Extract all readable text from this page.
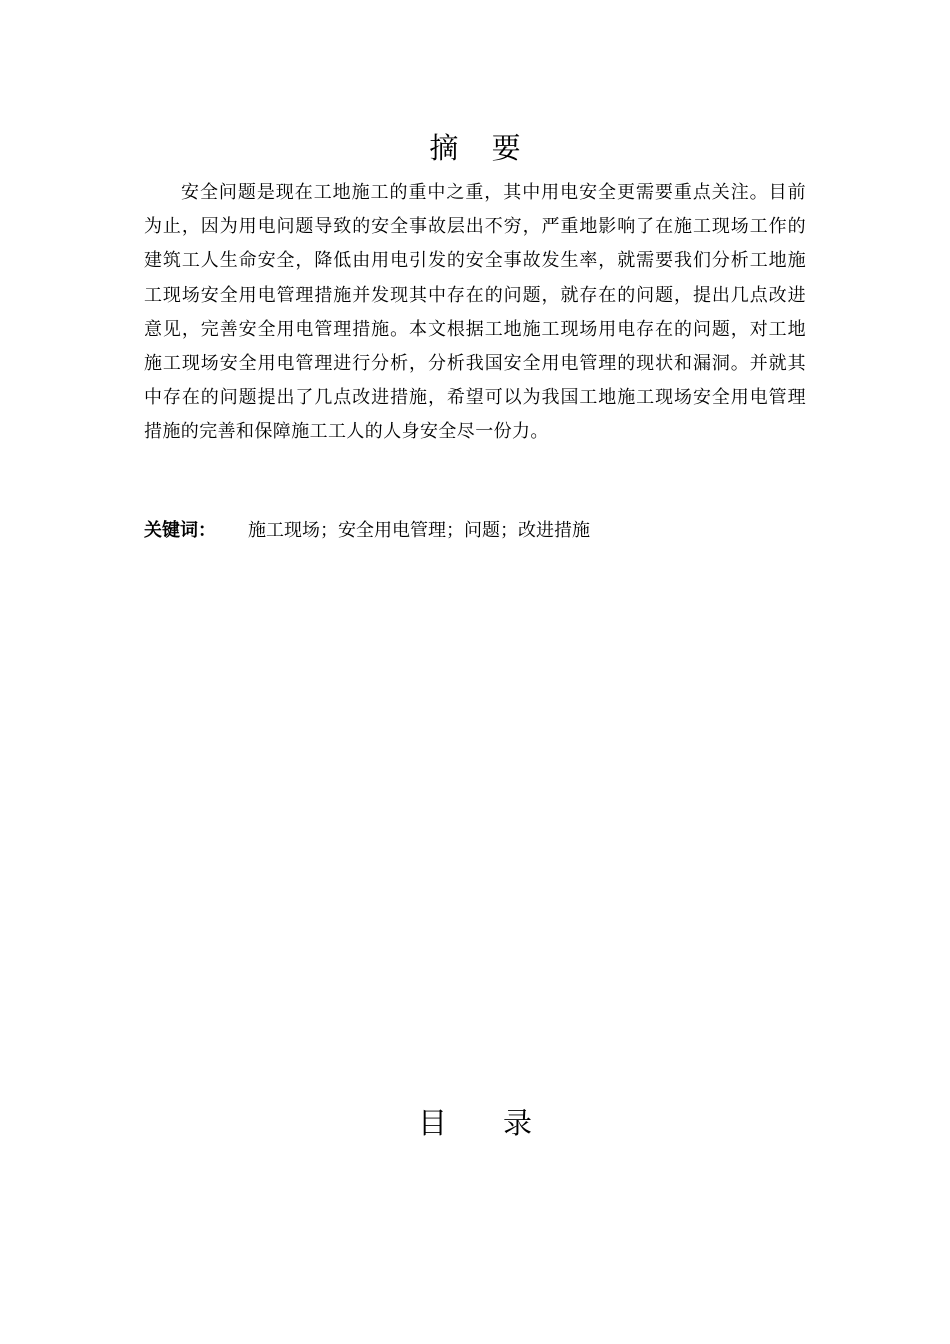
摘 要

安全问题是现在工地施工的重中之重，其中用电安全更需要重点关注。目前为止，因为用电问题导致的安全事故层出不穷，严重地影响了在施工现场工作的建筑工人生命安全，降低由用电引发的安全事故发生率，就需要我们分析工地施工现场安全用电管理措施并发现其中存在的问题，就存在的问题，提出几点改进意见，完善安全用电管理措施。本文根据工地施工现场用电存在的问题，对工地施工现场安全用电管理进行分析，分析我国安全用电管理的现状和漏洞。并就其中存在的问题提出了几点改进措施，希望可以为我国工地施工现场安全用电管理措施的完善和保障施工工人的人身安全尽一份力。

关键词： 施工现场；安全用电管理；问题；改进措施
目 录
